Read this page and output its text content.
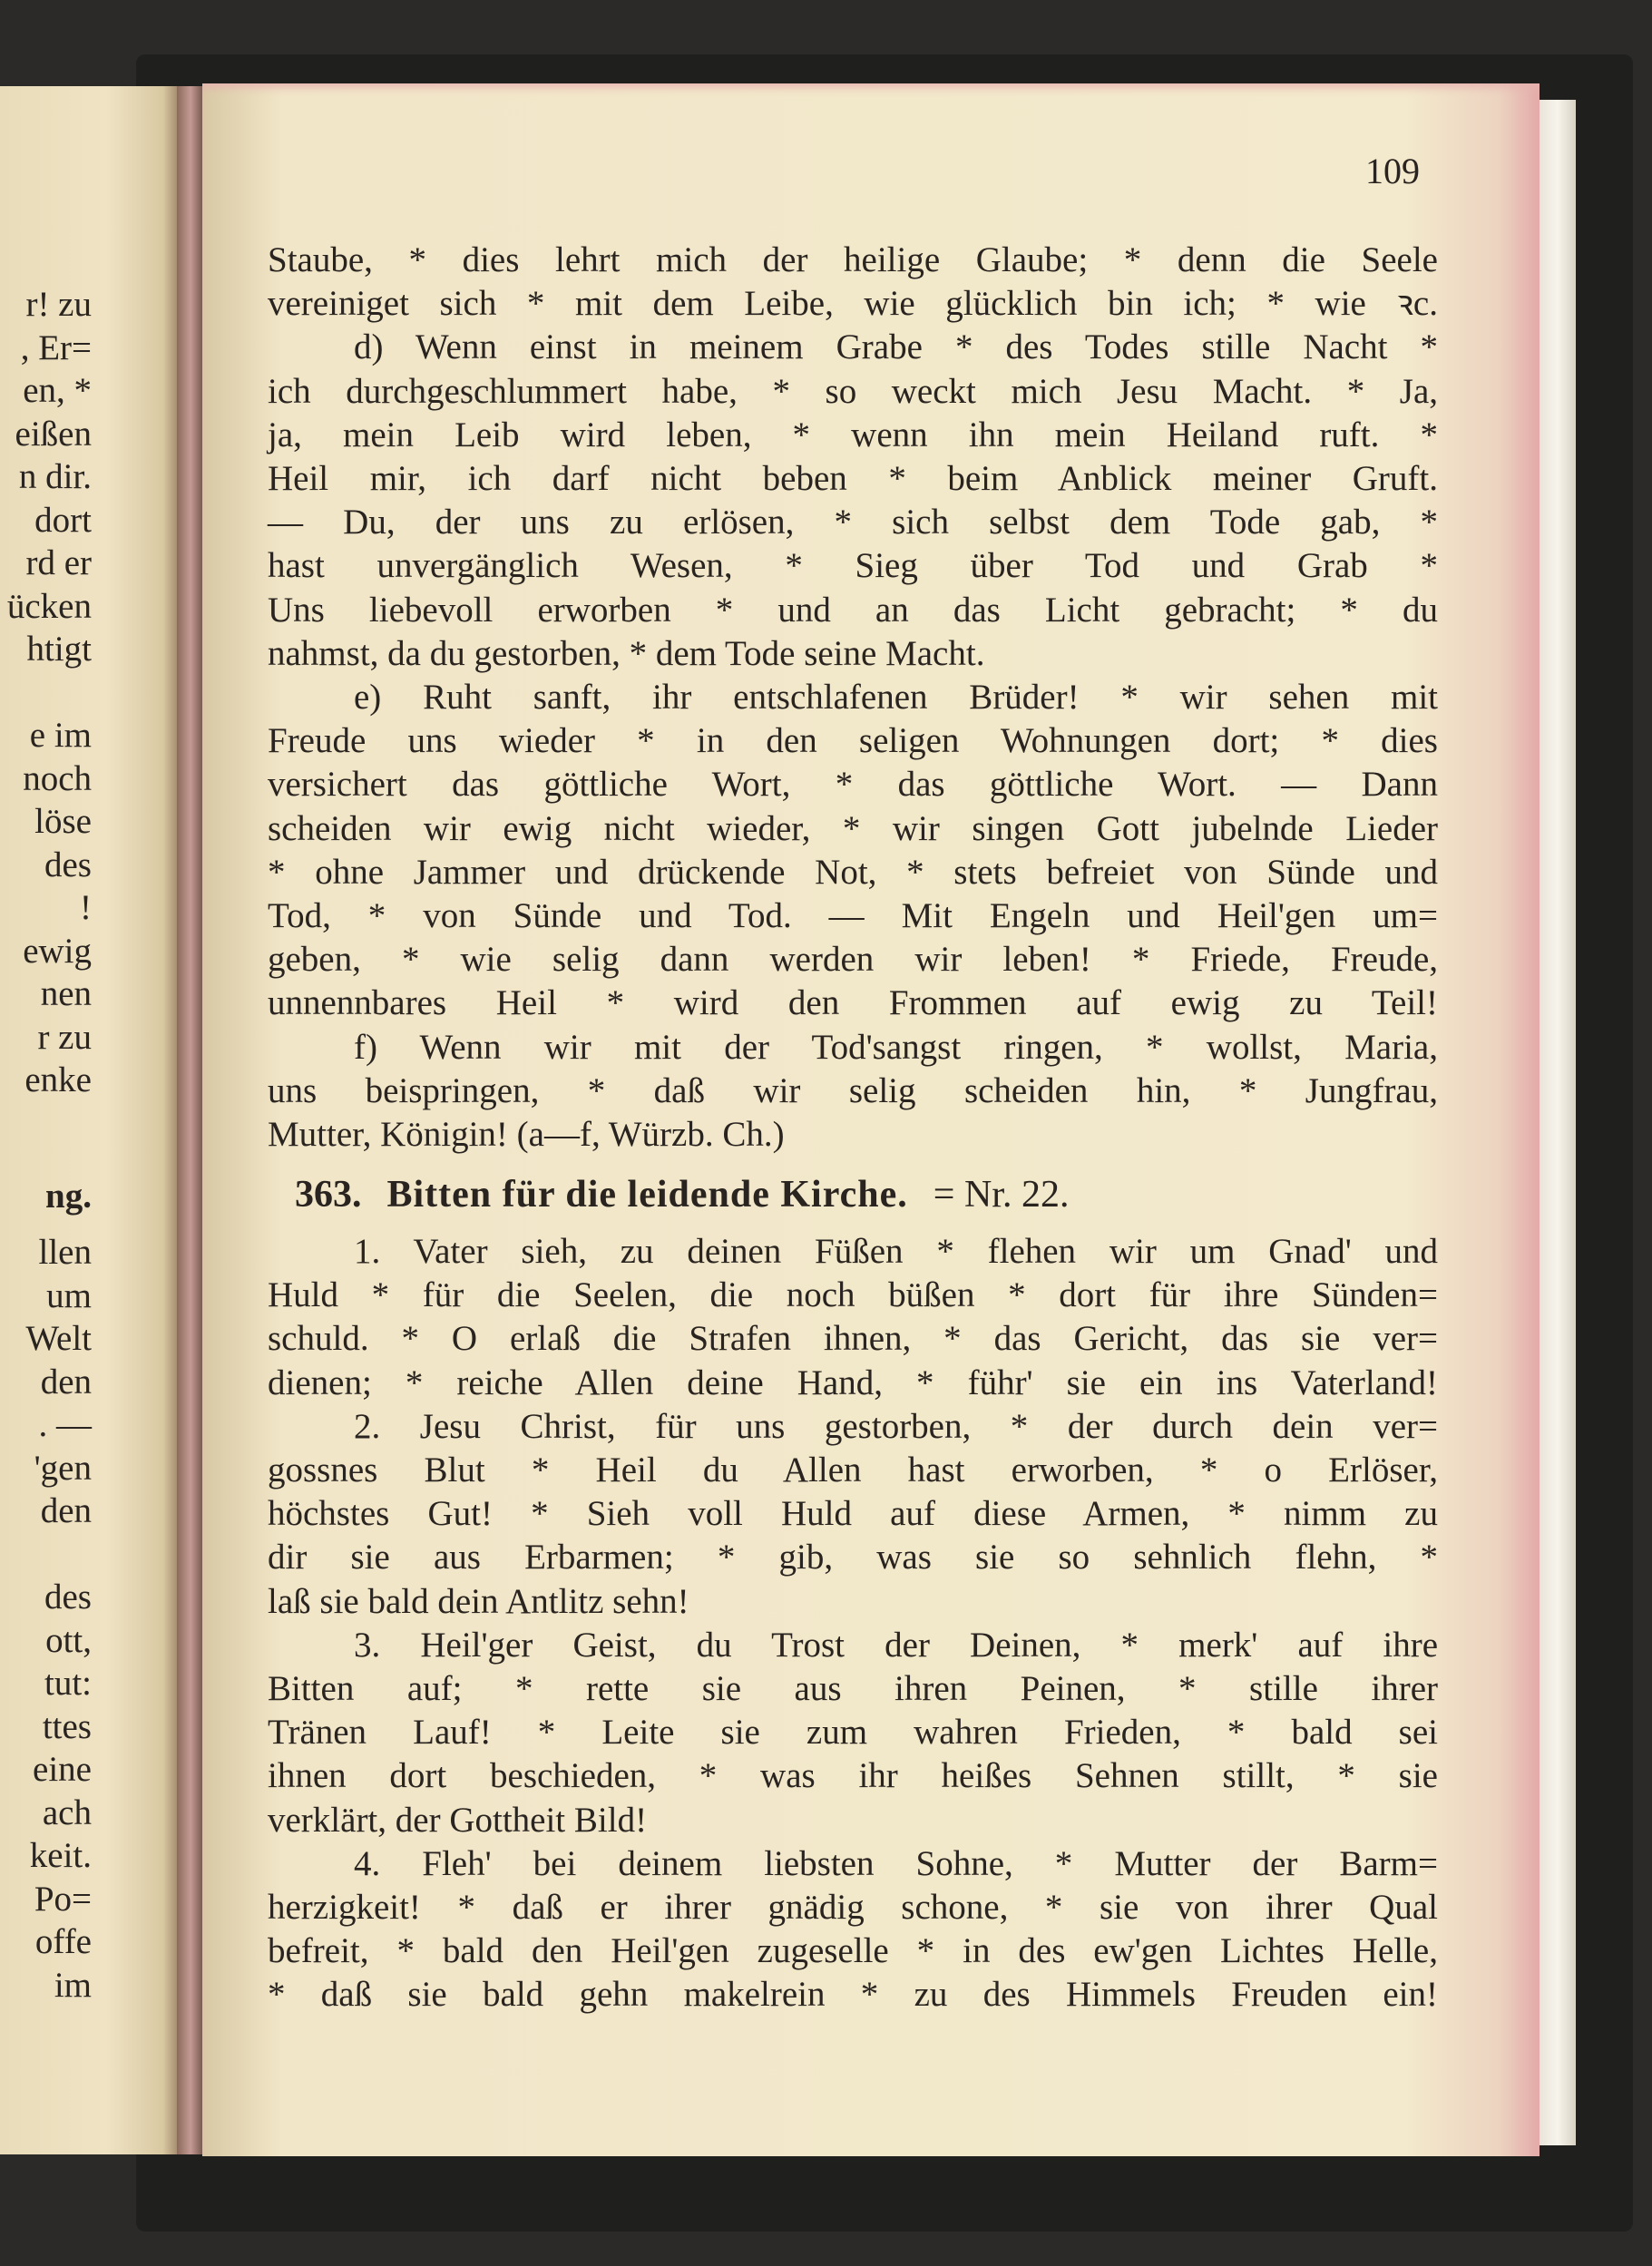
109
Staube, * dies lehrt mich der heilige Glaube; * denn die Seele
vereiniget sich * mit dem Leibe, wie glücklich bin ich; * wie ꝛc.
d) Wenn einst in meinem Grabe * des Todes stille Nacht *
ich durchgeschlummert habe, * so weckt mich Jesu Macht. * Ja,
ja, mein Leib wird leben, * wenn ihn mein Heiland ruft. *
Heil mir, ich darf nicht beben * beim Anblick meiner Gruft.
— Du, der uns zu erlösen, * sich selbst dem Tode gab, *
hast unvergänglich Wesen, * Sieg über Tod und Grab *
Uns liebevoll erworben * und an das Licht gebracht; * du
nahmst, da du gestorben, * dem Tode seine Macht.
e) Ruht sanft, ihr entschlafenen Brüder! * wir sehen mit
Freude uns wieder * in den seligen Wohnungen dort; * dies
versichert das göttliche Wort, * das göttliche Wort. — Dann
scheiden wir ewig nicht wieder, * wir singen Gott jubelnde Lieder
* ohne Jammer und drückende Not, * stets befreiet von Sünde und
Tod, * von Sünde und Tod. — Mit Engeln und Heil'gen um=
geben, * wie selig dann werden wir leben! * Friede, Freude,
unnennbares Heil * wird den Frommen auf ewig zu Teil!
f) Wenn wir mit der Tod'sangst ringen, * wollst, Maria,
uns beispringen, * daß wir selig scheiden hin, * Jungfrau,
Mutter, Königin! (a—f, Würzb. Ch.)
363. Bitten für die leidende Kirche. = Nr. 22.
1. Vater sieh, zu deinen Füßen * flehen wir um Gnad' und
Huld * für die Seelen, die noch büßen * dort für ihre Sünden=
schuld. * O erlaß die Strafen ihnen, * das Gericht, das sie ver=
dienen; * reiche Allen deine Hand, * führ' sie ein ins Vaterland!
2. Jesu Christ, für uns gestorben, * der durch dein ver=
gossnes Blut * Heil du Allen hast erworben, * o Erlöser,
höchstes Gut! * Sieh voll Huld auf diese Armen, * nimm zu
dir sie aus Erbarmen; * gib, was sie so sehnlich flehn, *
laß sie bald dein Antlitz sehn!
3. Heil'ger Geist, du Trost der Deinen, * merk' auf ihre
Bitten auf; * rette sie aus ihren Peinen, * stille ihrer
Tränen Lauf! * Leite sie zum wahren Frieden, * bald sei
ihnen dort beschieden, * was ihr heißes Sehnen stillt, * sie
verklärt, der Gottheit Bild!
4. Fleh' bei deinem liebsten Sohne, * Mutter der Barm=
herzigkeit! * daß er ihrer gnädig schone, * sie von ihrer Qual
befreit, * bald den Heil'gen zugeselle * in des ew'gen Lichtes Helle,
* daß sie bald gehn makelrein * zu des Himmels Freuden ein!
r! zu
, Er=
en, *
eißen
n dir.
dort
rd er
ücken
htigt
e im
noch
löse
des
!
ewig
nen
r zu
enke
ng.
llen
um
Welt
den
. —
'gen
den
des
ott,
tut:
ttes
eine
ach
keit.
Po=
offe
im
